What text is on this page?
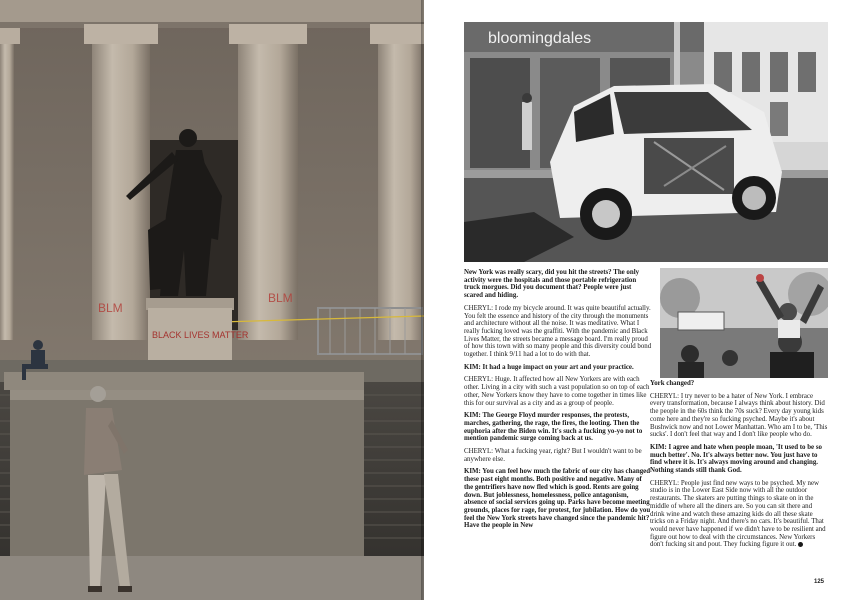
BLM
BLM
BLACK LIVES MATTER
bloomingdales

New York was really scary, did you hit the streets? The only activity were the hospitals and those portable refrigeration truck morgues. Did you document that? People were just scared and hiding.

CHERYL: I rode my bicycle around. It was quite beautiful actually. You felt the essence and history of the city through the monuments and architecture without all the noise. It was meditative. What I really fucking loved was the graffiti. With the pandemic and Black Lives Matter, the streets became a message board. I'm really proud of how this town with so many people and this diversity could bond together. I think 9/11 had a lot to do with that.

KIM: It had a huge impact on your art and your practice.

CHERYL: Huge. It affected how all New Yorkers are with each other. Living in a city with such a vast population so on top of each other, New Yorkers know they have to come together in times like this for our survival as a city and as a group of people.

KIM: The George Floyd murder responses, the protests, marches, gathering, the rage, the fires, the looting. Then the euphoria after the Biden win. It's such a fucking yo-yo not to mention pandemic surge coming back at us.

CHERYL: What a fucking year, right? But I wouldn't want to be anywhere else.

KIM: You can feel how much the fabric of our city has changed these past eight months. Both positive and negative. Many of the gentrifiers have now fled which is good. Rents are going down. But joblessness, homelessness, police antagonism, absence of social services going up. Parks have become meeting grounds, places for rage, for protest, for jubilation. How do you feel the New York streets have changed since the pandemic hit? Have the people in New

York changed?

CHERYL: I try never to be a hater of New York. I embrace every transformation, because I always think about history. Did the people in the 60s think the 70s suck? Every day young kids come here and they're so fucking psyched. Maybe it's about Bushwick now and not Lower Manhattan. Who am I to be, 'This sucks'. I don't feel that way and I don't like people who do.

KIM: I agree and hate when people moan, 'It used to be so much better'. No. It's always better now. You just have to find where it is. It's always moving around and changing. Nothing stands still thank God.

CHERYL: People just find new ways to be psyched. My new studio is in the Lower East Side now with all the outdoor restaurants. The skaters are putting things to skate on in the middle of where all the diners are. So you can sit there and drink wine and watch these amazing kids do all these skate tricks on a Friday night. And there's no cars. It's beautiful. That would never have happened if we didn't have to be resilient and figure out how to deal with the circumstances. New Yorkers don't fucking sit and pout. They fucking figure it out.

125
